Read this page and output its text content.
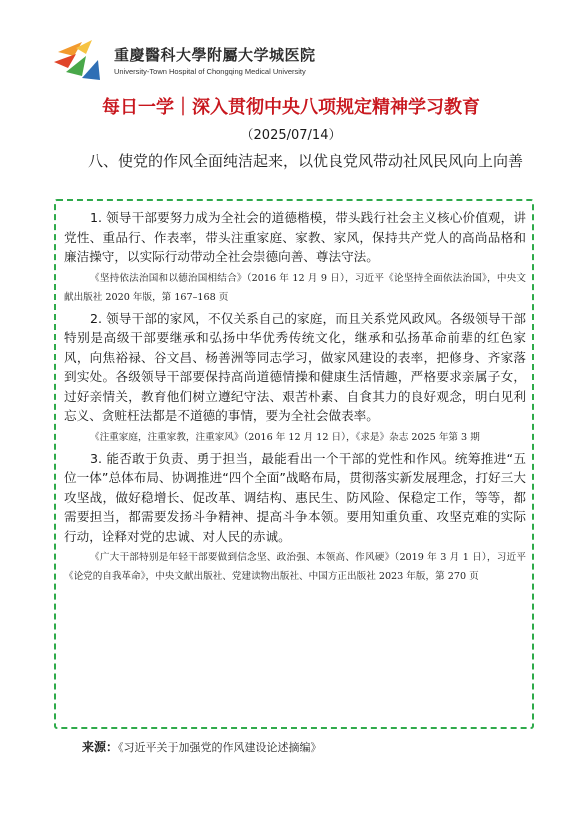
重慶醫科大學附屬大学城医院
University-Town Hospital of Chongqing Medical University
每日一学｜深入贯彻中央八项规定精神学习教育
（2025/07/14）
八、使党的作风全面纯洁起来，以优良党风带动社风民风向上向善

1. 领导干部要努力成为全社会的道德楷模，带头践行社会主义核心价值观，讲党性、重品行、作表率，带头注重家庭、家教、家风，保持共产党人的高尚品格和廉洁操守，以实际行动带动全社会崇德向善、尊法守法。

《坚持依法治国和以德治国相结合》（2016 年 12 月 9 日），习近平《论坚持全面依法治国》，中央文献出版社 2020 年版，第 167–168 页

2. 领导干部的家风，不仅关系自己的家庭，而且关系党风政风。各级领导干部特别是高级干部要继承和弘扬中华优秀传统文化，继承和弘扬革命前辈的红色家风，向焦裕禄、谷文昌、杨善洲等同志学习，做家风建设的表率，把修身、齐家落到实处。各级领导干部要保持高尚道德情操和健康生活情趣，严格要求亲属子女，过好亲情关，教育他们树立遵纪守法、艰苦朴素、自食其力的良好观念，明白见利忘义、贪赃枉法都是不道德的事情，要为全社会做表率。

《注重家庭，注重家教，注重家风》（2016 年 12 月 12 日），《求是》杂志 2025 年第 3 期

3. 能否敢于负责、勇于担当，最能看出一个干部的党性和作风。统筹推进“五位一体”总体布局、协调推进“四个全面”战略布局，贯彻落实新发展理念，打好三大攻坚战，做好稳增长、促改革、调结构、惠民生、防风险、保稳定工作，等等，都需要担当，都需要发扬斗争精神、提高斗争本领。要用知重负重、攻坚克难的实际行动，诠释对党的忠诚、对人民的赤诚。

《广大干部特别是年轻干部要做到信念坚、政治强、本领高、作风硬》（2019 年 3 月 1 日），习近平《论党的自我革命》，中央文献出版社、党建读物出版社、中国方正出版社 2023 年版，第 270 页

来源：《习近平关于加强党的作风建设论述摘编》
